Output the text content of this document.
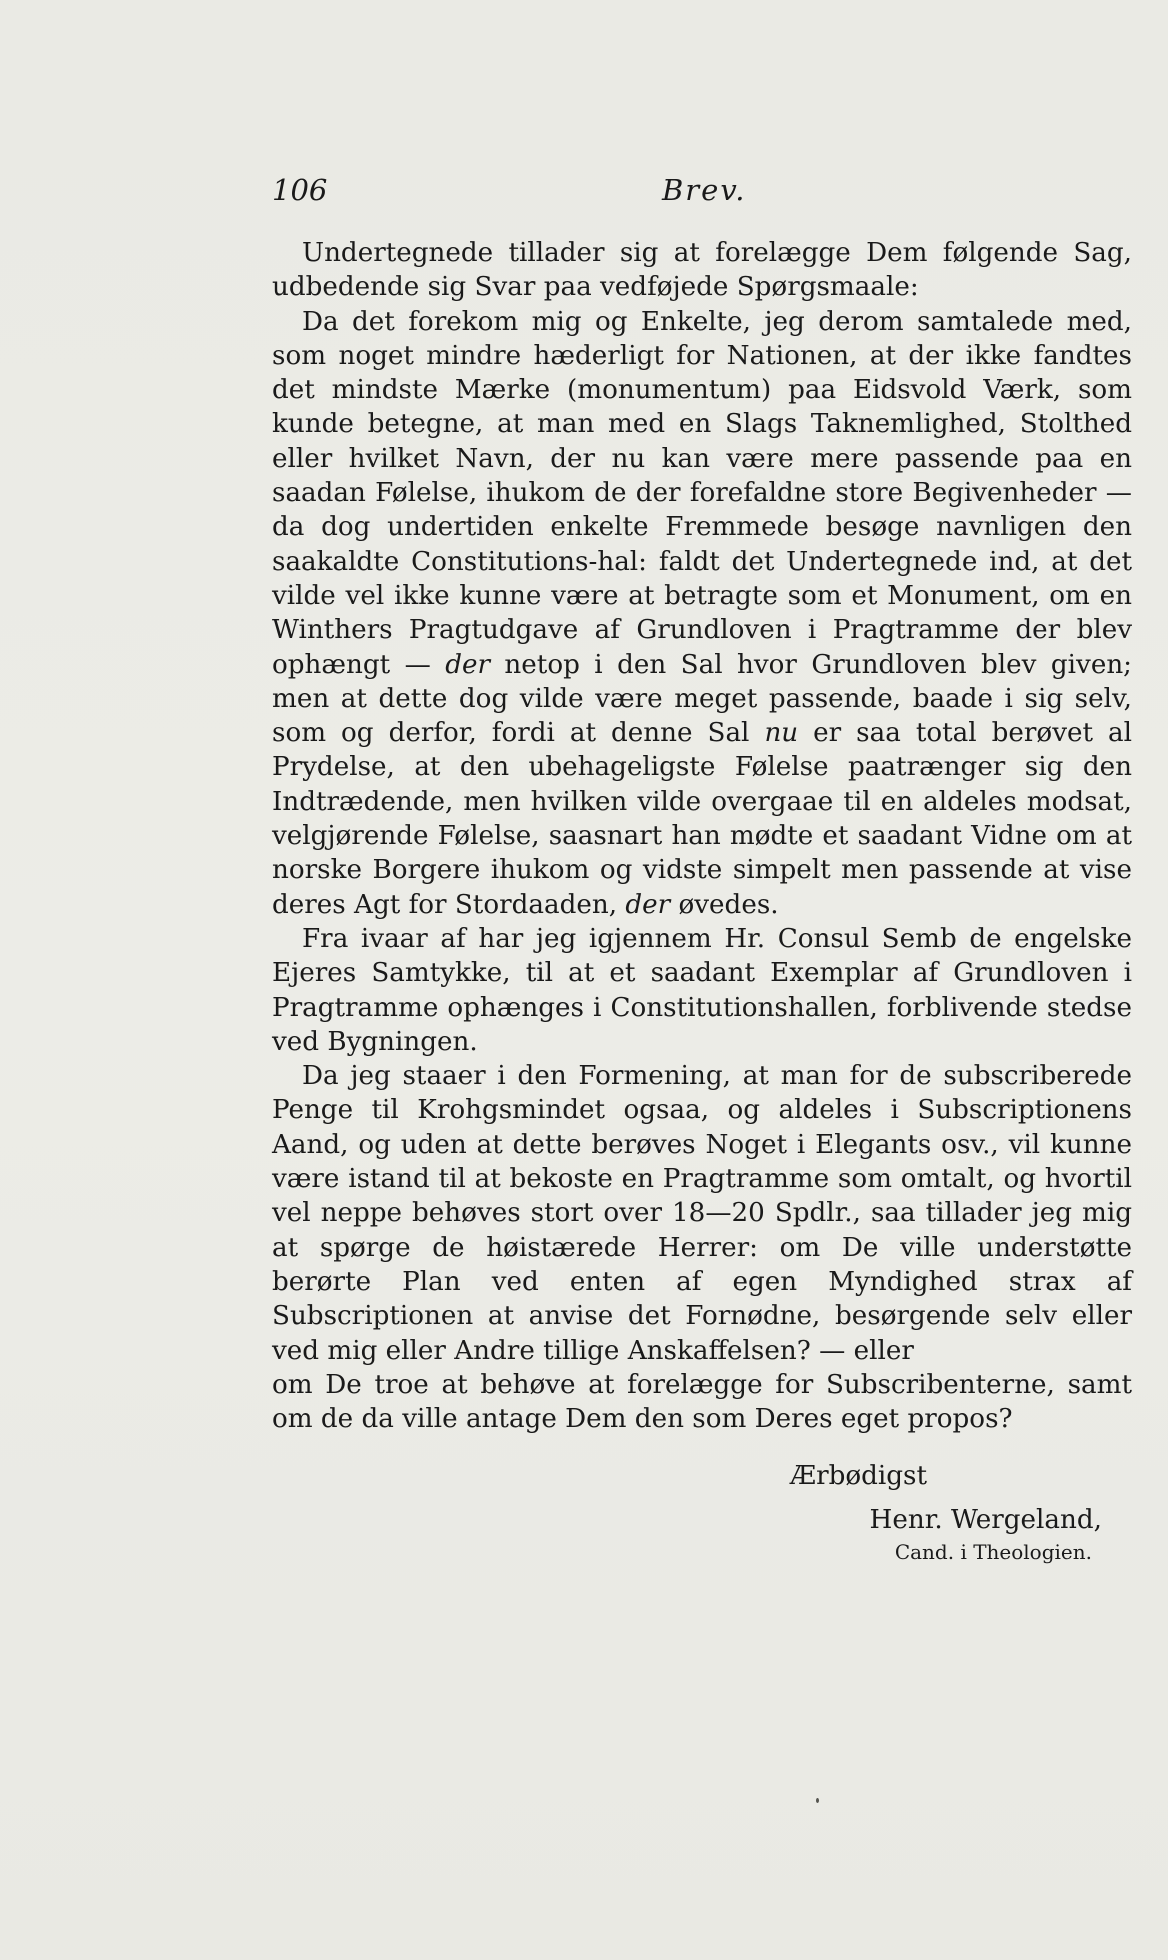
106	Brev.

Undertegnede tillader sig at forelægge Dem følgende Sag, udbedende sig Svar paa vedføjede Spørgsmaale:

Da det forekom mig og Enkelte, jeg derom samtalede med, som noget mindre hæderligt for Nationen, at der ikke fandtes det mindste Mærke (monumentum) paa Eidsvold Værk, som kunde betegne, at man med en Slags Taknemlighed, Stolthed eller hvilket Navn, der nu kan være mere passende paa en saadan Følelse, ihukom de der forefaldne store Begivenheder — da dog undertiden enkelte Fremmede besøge navnligen den saakaldte Constitutions-hal: faldt det Undertegnede ind, at det vilde vel ikke kunne være at betragte som et Monument, om en Winthers Pragtudgave af Grundloven i Pragtramme der blev ophængt — der netop i den Sal hvor Grundloven blev given; men at dette dog vilde være meget passende, baade i sig selv, som og derfor, fordi at denne Sal nu er saa total berøvet al Prydelse, at den ubehageligste Følelse paatrænger sig den Indtrædende, men hvilken vilde overgaae til en aldeles modsat, velgjørende Følelse, saasnart han mødte et saadant Vidne om at norske Borgere ihukom og vidste simpelt men passende at vise deres Agt for Stordaaden, der øvedes.

Fra ivaar af har jeg igjennem Hr. Consul Semb de engelske Ejeres Samtykke, til at et saadant Exemplar af Grundloven i Pragtramme ophænges i Constitutionshallen, forblivende stedse ved Bygningen.

Da jeg staaer i den Formening, at man for de subscriberede Penge til Krohgsmindet ogsaa, og aldeles i Subscriptionens Aand, og uden at dette berøves Noget i Elegants osv., vil kunne være istand til at bekoste en Pragtramme som omtalt, og hvortil vel neppe behøves stort over 18—20 Spdlr., saa tillader jeg mig at spørge de høistærede Herrer: om De ville understøtte berørte Plan ved enten af egen Myndighed strax af Subscriptionen at anvise det Fornødne, besørgende selv eller ved mig eller Andre tillige Anskaffelsen? — eller

om De troe at behøve at forelægge for Subscribenterne, samt om de da ville antage Dem den som Deres eget propos?

Ærbødigst
Henr. Wergeland,
Cand. i Theologien.
